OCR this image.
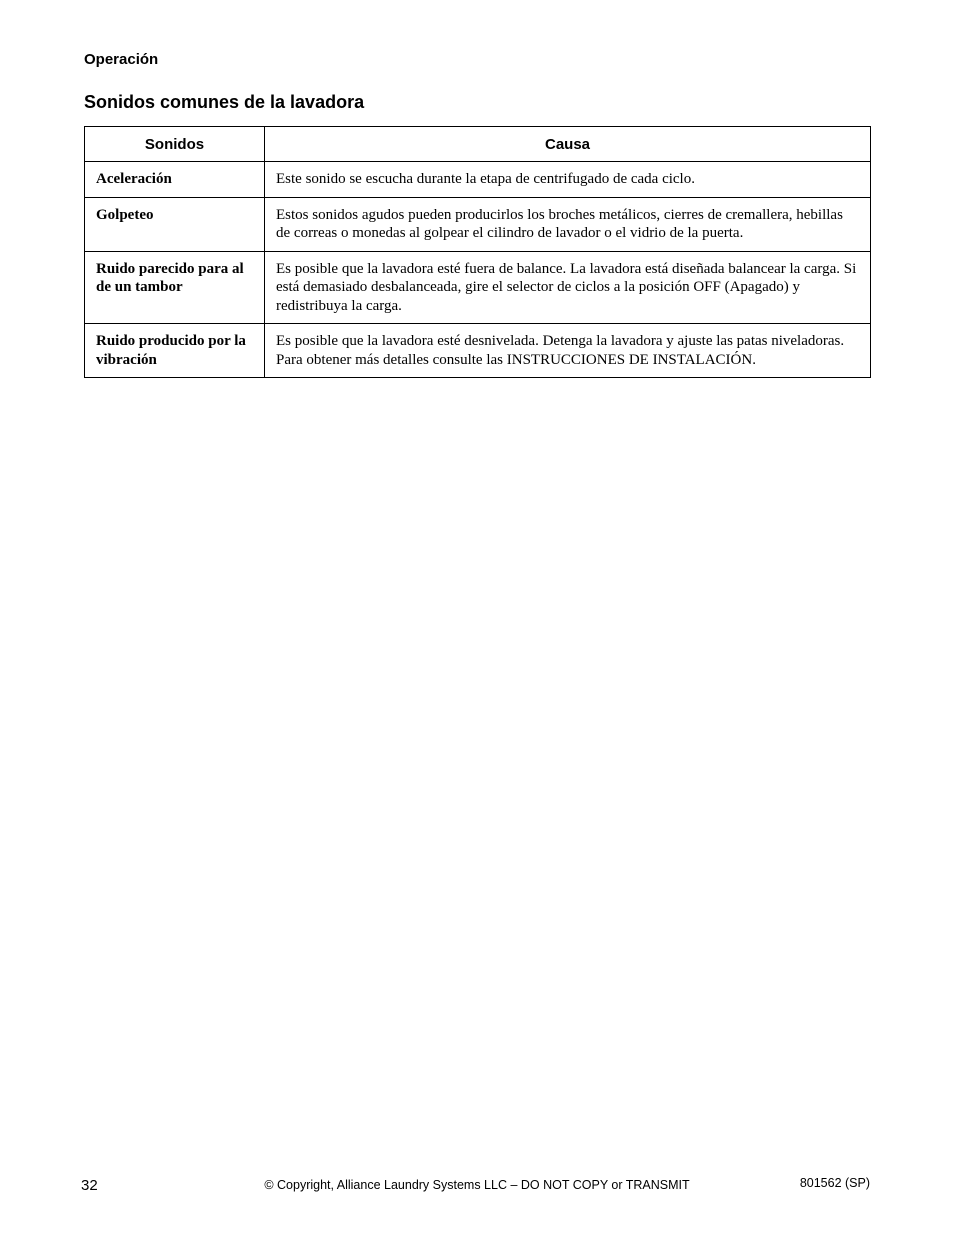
Operación
Sonidos comunes de la lavadora
Sonidos	Causa
Aceleración	Este sonido se escucha durante la etapa de centrifugado de cada ciclo.
Golpeteo	Estos sonidos agudos pueden producirlos los broches metálicos, cierres de cremallera, hebillas de correas o monedas al golpear el cilindro de lavador o el vidrio de la puerta.
Ruido parecido para al de un tambor	Es posible que la lavadora esté fuera de balance. La lavadora está diseñada balancear la carga. Si está demasiado desbalanceada, gire el selector de ciclos a la posición OFF (Apagado) y redistribuya la carga.
Ruido producido por la vibración	Es posible que la lavadora esté desnivelada. Detenga la lavadora y ajuste las patas niveladoras. Para obtener más detalles consulte las INSTRUCCIONES DE INSTALACIÓN.
32	© Copyright, Alliance Laundry Systems LLC – DO NOT COPY or TRANSMIT	801562 (SP)
